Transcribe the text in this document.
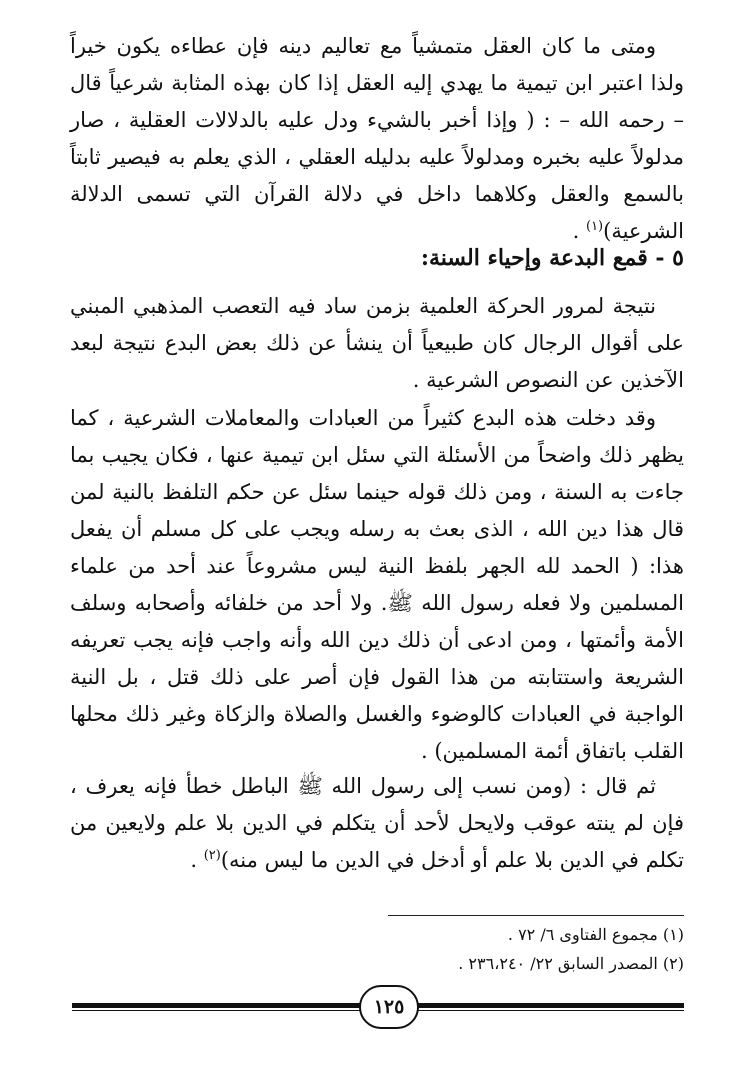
ومتى ما كان العقل متمشياً مع تعاليم دينه فإن عطاءه يكون خيراً ولذا اعتبر ابن تيمية ما يهدي إليه العقل إذا كان بهذه المثابة شرعياً قال – رحمه الله – : ( وإذا أخبر بالشيء ودل عليه بالدلالات العقلية ، صار مدلولاً عليه بخبره ومدلولاً عليه بدليله العقلي ، الذي يعلم به فيصير ثابتاً بالسمع والعقل وكلاهما داخل في دلالة القرآن التي تسمى الدلالة الشرعية)$^{(١)}$ .

٥ - قمع البدعة وإحياء السنة:

نتيجة لمرور الحركة العلمية بزمن ساد فيه التعصب المذهبي المبني على أقوال الرجال كان طبيعياً أن ينشأ عن ذلك بعض البدع نتيجة لبعد الآخذين عن النصوص الشرعية .

وقد دخلت هذه البدع كثيراً من العبادات والمعاملات الشرعية ، كما يظهر ذلك واضحاً من الأسئلة التي سئل ابن تيمية عنها ، فكان يجيب بما جاءت به السنة ، ومن ذلك قوله حينما سئل عن حكم التلفظ بالنية لمن قال هذا دين الله ، الذى بعث به رسله ويجب على كل مسلم أن يفعل هذا: ( الحمد لله الجهر بلفظ النية ليس مشروعاً عند أحد من علماء المسلمين ولا فعله رسول الله ﷺ. ولا أحد من خلفائه وأصحابه وسلف الأمة وأئمتها ، ومن ادعى أن ذلك دين الله وأنه واجب فإنه يجب تعريفه الشريعة واستتابته من هذا القول فإن أصر على ذلك قتل ، بل النية الواجبة في العبادات كالوضوء والغسل والصلاة والزكاة وغير ذلك محلها القلب باتفاق أئمة المسلمين) .

ثم قال : (ومن نسب إلى رسول الله ﷺ الباطل خطأ فإنه يعرف ، فإن لم ينته عوقب ولايحل لأحد أن يتكلم في الدين بلا علم ولايعين من تكلم في الدين بلا علم أو أدخل في الدين ما ليس منه)$^{(٢)}$ .

(١) مجموع الفتاوى ٦/ ٧٢ .
(٢) المصدر السابق ٢٢/ ٢٣٦،٢٤٠ .
١٢٥
